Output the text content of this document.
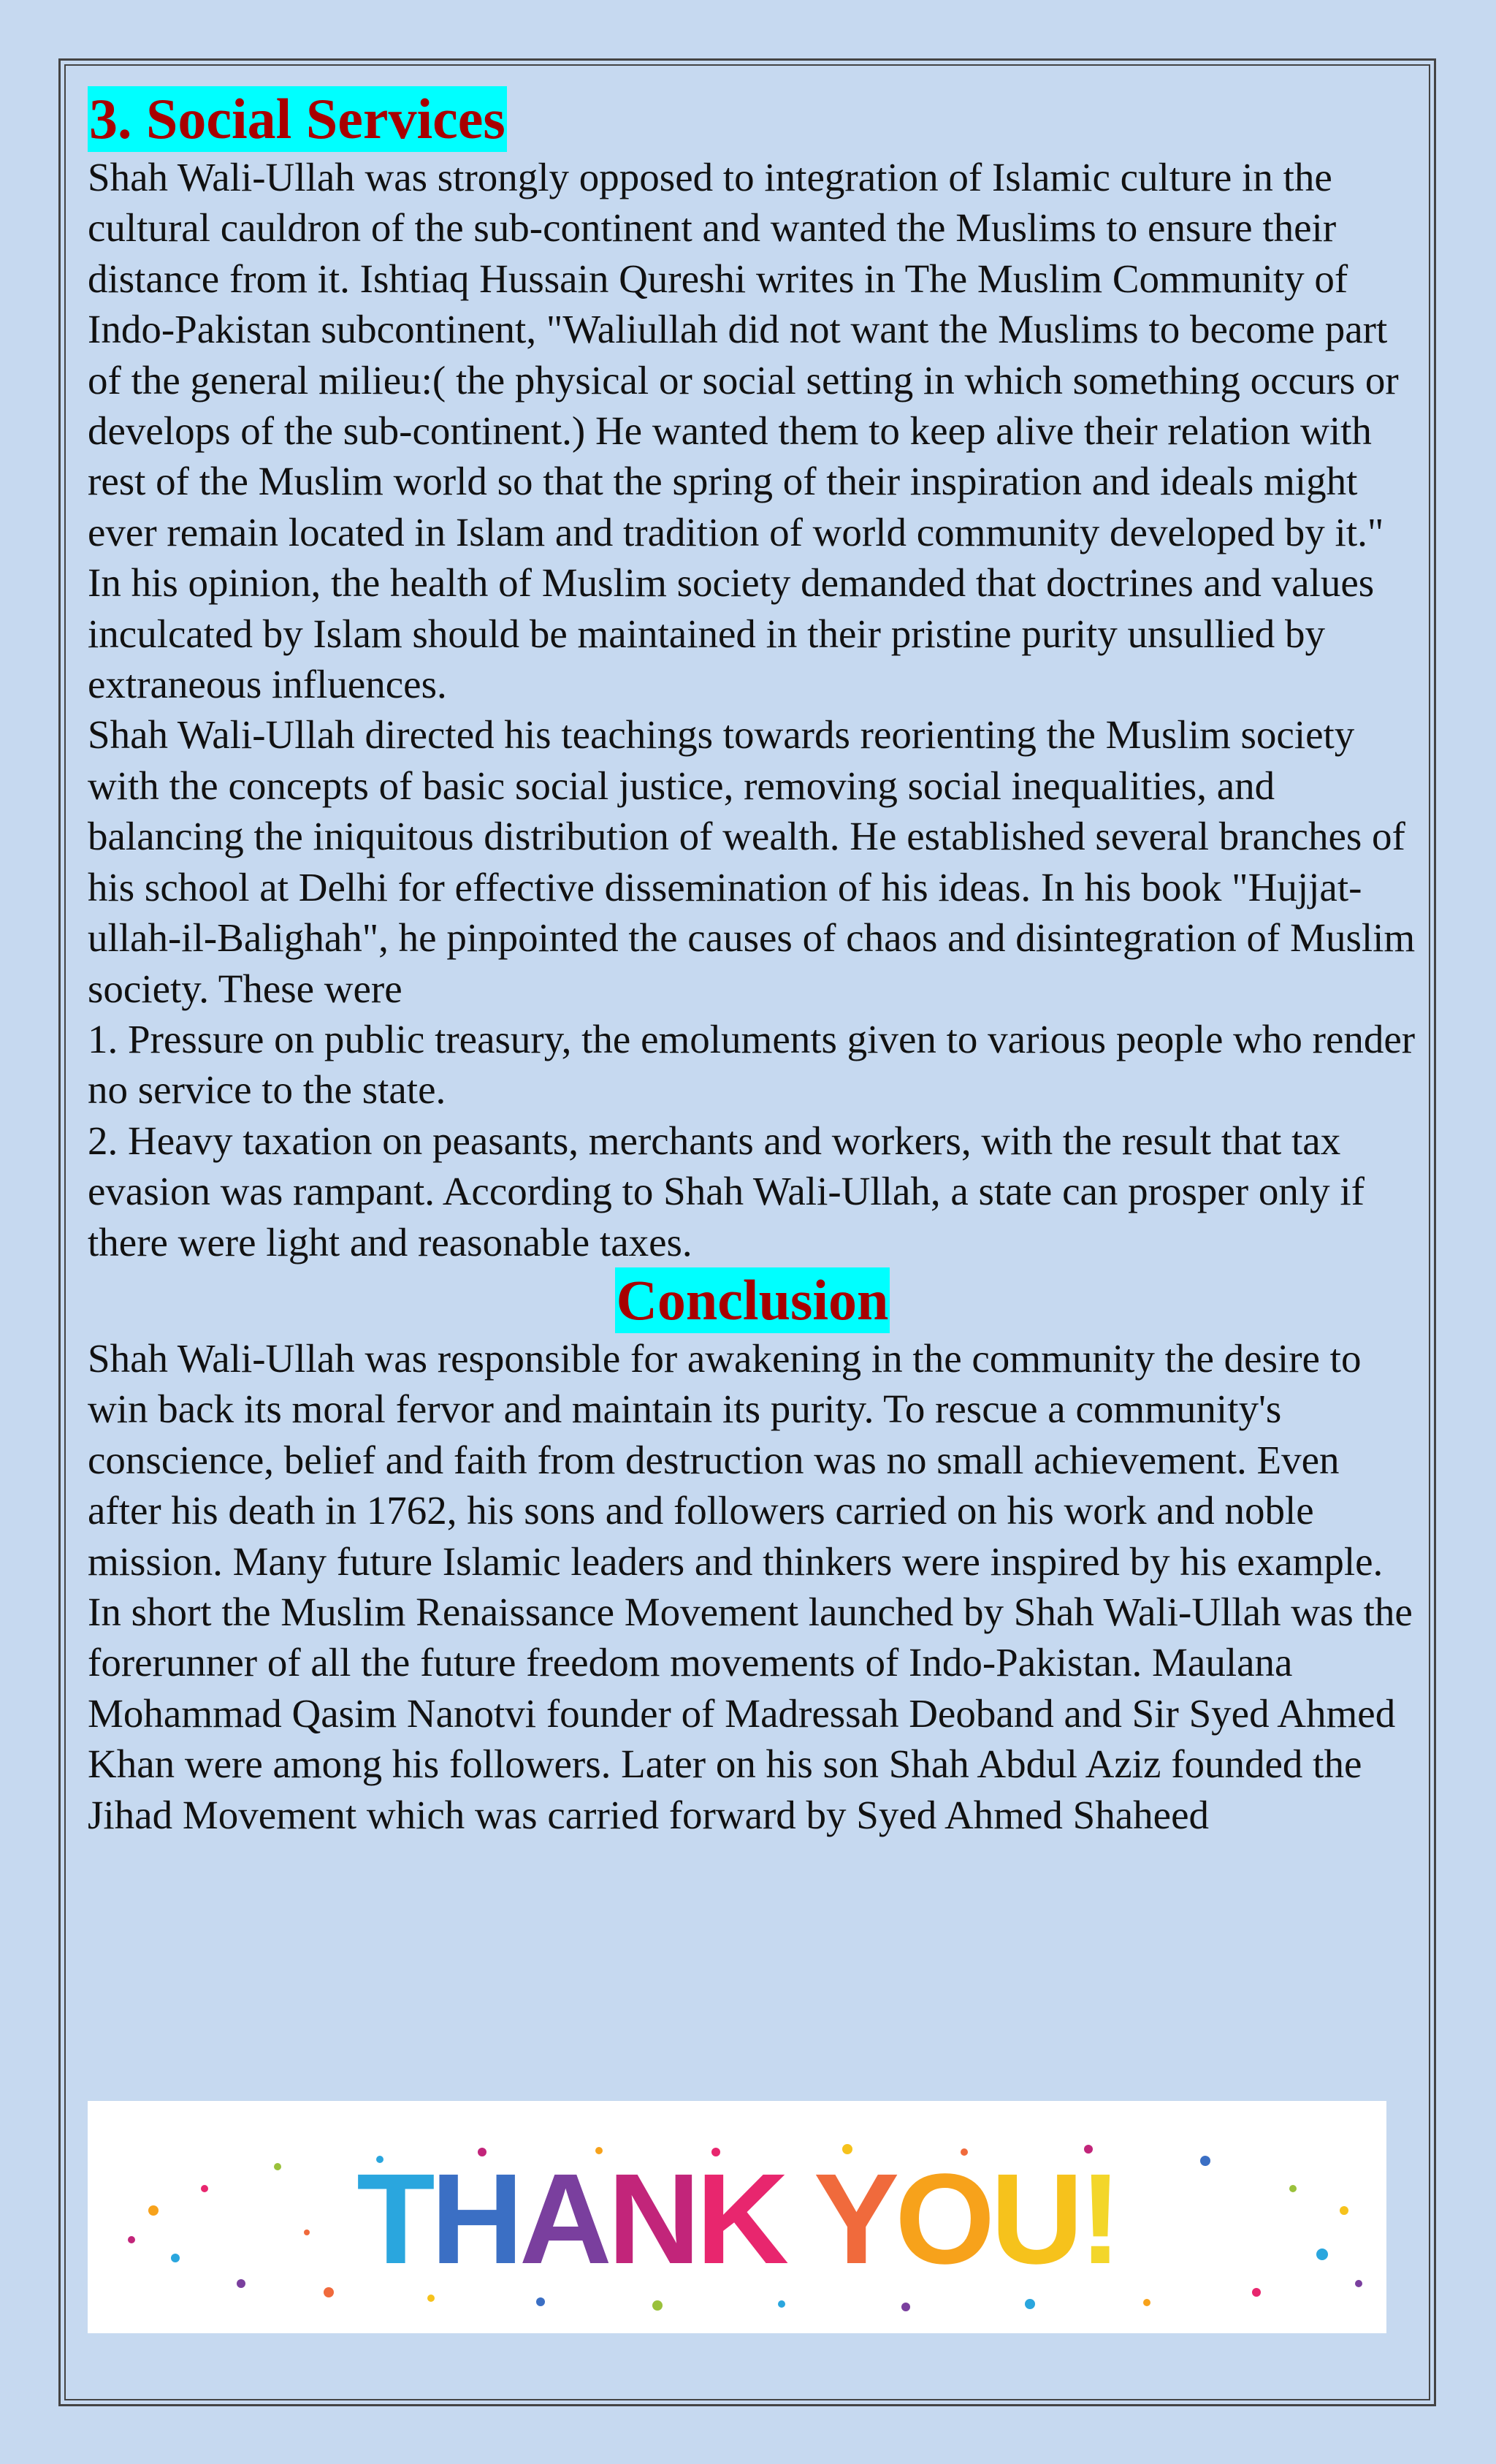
3. Social Services

Shah Wali-Ullah was strongly opposed to integration of Islamic culture in the cultural cauldron of the sub-continent and wanted the Muslims to ensure their distance from it. Ishtiaq Hussain Qureshi writes in The Muslim Community of Indo-Pakistan subcontinent, "Waliullah did not want the Muslims to become part of the general milieu:( the physical or social setting in which something occurs or develops of the sub-continent.) He wanted them to keep alive their relation with rest of the Muslim world so that the spring of their inspiration and ideals might ever remain located in Islam and tradition of world community developed by it." In his opinion, the health of Muslim society demanded that doctrines and values inculcated by Islam should be maintained in their pristine purity unsullied by extraneous influences.

Shah Wali-Ullah directed his teachings towards reorienting the Muslim society with the concepts of basic social justice, removing social inequalities, and balancing the iniquitous distribution of wealth. He established several branches of his school at Delhi for effective dissemination of his ideas. In his book "Hujjat-ullah-il-Balighah", he pinpointed the causes of chaos and disintegration of Muslim society. These were

1. Pressure on public treasury, the emoluments given to various people who render no service to the state.

2. Heavy taxation on peasants, merchants and workers, with the result that tax evasion was rampant. According to Shah Wali-Ullah, a state can prosper only if there were light and reasonable taxes.

Conclusion

Shah Wali-Ullah was responsible for awakening in the community the desire to win back its moral fervor and maintain its purity. To rescue a community's conscience, belief and faith from destruction was no small achievement. Even after his death in 1762, his sons and followers carried on his work and noble mission. Many future Islamic leaders and thinkers were inspired by his example.

In short the Muslim Renaissance Movement launched by Shah Wali-Ullah was the forerunner of all the future freedom movements of Indo-Pakistan. Maulana Mohammad Qasim Nanotvi founder of Madressah Deoband and Sir Syed Ahmed Khan were among his followers. Later on his son Shah Abdul Aziz founded the Jihad Movement which was carried forward by Syed Ahmed Shaheed

THANK YOU!
